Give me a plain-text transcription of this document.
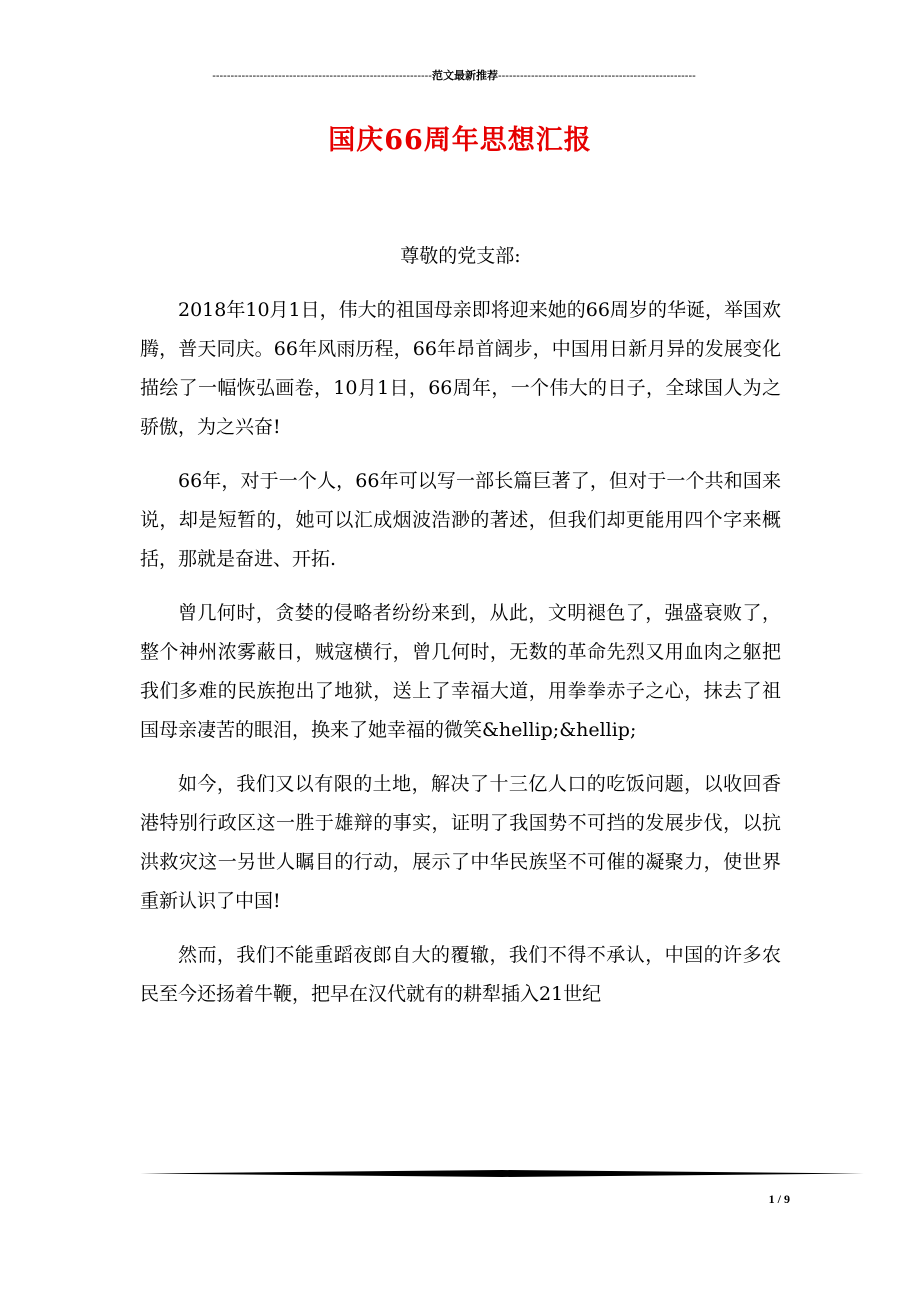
------------------------------------------------------------范文最新推荐------------------------------------------------------
国庆66周年思想汇报

尊敬的党支部:

2018年10月1日，伟大的祖国母亲即将迎来她的66周岁的华诞，举国欢腾，普天同庆。66年风雨历程，66年昂首阔步，中国用日新月异的发展变化描绘了一幅恢弘画卷，10月1日，66周年，一个伟大的日子，全球国人为之骄傲，为之兴奋!

66年，对于一个人，66年可以写一部长篇巨著了，但对于一个共和国来说，却是短暂的，她可以汇成烟波浩渺的著述，但我们却更能用四个字来概括，那就是奋进、开拓.

曾几何时，贪婪的侵略者纷纷来到，从此，文明褪色了，强盛衰败了，整个神州浓雾蔽日，贼寇横行，曾几何时，无数的革命先烈又用血肉之躯把我们多难的民族抱出了地狱，送上了幸福大道，用拳拳赤子之心，抹去了祖国母亲凄苦的眼泪，换来了她幸福的微笑&hellip;&hellip;

如今，我们又以有限的土地，解决了十三亿人口的吃饭问题，以收回香港特别行政区这一胜于雄辩的事实，证明了我国势不可挡的发展步伐，以抗洪救灾这一另世人瞩目的行动，展示了中华民族坚不可催的凝聚力，使世界重新认识了中国!

然而，我们不能重蹈夜郎自大的覆辙，我们不得不承认，中国的许多农民至今还扬着牛鞭，把早在汉代就有的耕犁插入21世纪

1 / 9
